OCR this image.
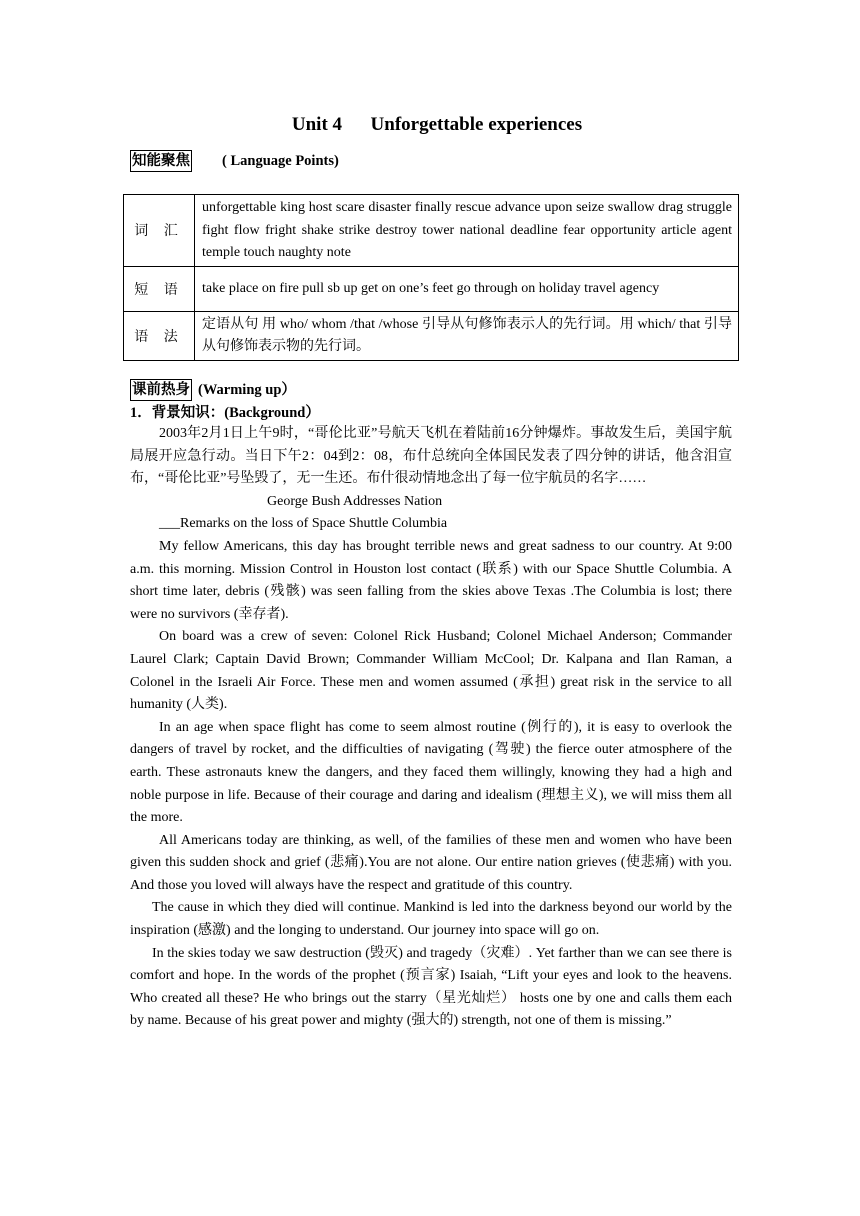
Unit 4      Unforgettable experiences
知能聚焦 ( Language Points)
词 汇	unforgettable king host scare disaster finally rescue advance upon seize swallow drag struggle fight flow fright shake strike destroy tower national deadline fear opportunity article agent temple touch naughty note
短 语	take place on fire pull sb up get on one’s feet go through on holiday travel agency
语 法	定语从句 用 who/ whom /that /whose 引导从句修饰表示人的先行词。用 which/ that 引导从句修饰表示物的先行词。
课前热身 (Warming up）
1．背景知识：(Background）

2003年2月1日上午9时，“哥伦比亚”号航天飞机在着陆前16分钟爆炸。事故发生后，美国宇航局展开应急行动。当日下午2：04到2：08，布什总统向全体国民发表了四分钟的讲话，他含泪宣布，“哥伦比亚”号坠毁了，无一生还。布什很动情地念出了每一位宇航员的名字……

George Bush Addresses Nation

___Remarks on the loss of Space Shuttle Columbia

My fellow Americans, this day has brought terrible news and great sadness to our country. At 9:00 a.m. this morning. Mission Control in Houston lost contact (联系) with our Space Shuttle Columbia. A short time later, debris (残骸) was seen falling from the skies above Texas .The Columbia is lost; there were no survivors (幸存者).

On board was a crew of seven: Colonel Rick Husband; Colonel Michael Anderson; Commander Laurel Clark; Captain David Brown; Commander William McCool; Dr. Kalpana and Ilan Raman, a Colonel in the Israeli Air Force. These men and women assumed (承担) great risk in the service to all humanity (人类).

In an age when space flight has come to seem almost routine (例行的), it is easy to overlook the dangers of travel by rocket, and the difficulties of navigating (驾驶) the fierce outer atmosphere of the earth. These astronauts knew the dangers, and they faced them willingly, knowing they had a high and noble purpose in life. Because of their courage and daring and idealism (理想主义), we will miss them all the more.

All Americans today are thinking, as well, of the families of these men and women who have been given this sudden shock and grief (悲痛).You are not alone. Our entire nation grieves (使悲痛) with you. And those you loved will always have the respect and gratitude of this country.

The cause in which they died will continue. Mankind is led into the darkness beyond our world by the inspiration (感激) and the longing to understand. Our journey into space will go on.

In the skies today we saw destruction (毁灭) and tragedy（灾难）. Yet farther than we can see there is comfort and hope. In the words of the prophet (预言家) Isaiah, “Lift your eyes and look to the heavens. Who created all these? He who brings out the starry（星光灿烂） hosts one by one and calls them each by name. Because of his great power and mighty (强大的) strength, not one of them is missing.”
